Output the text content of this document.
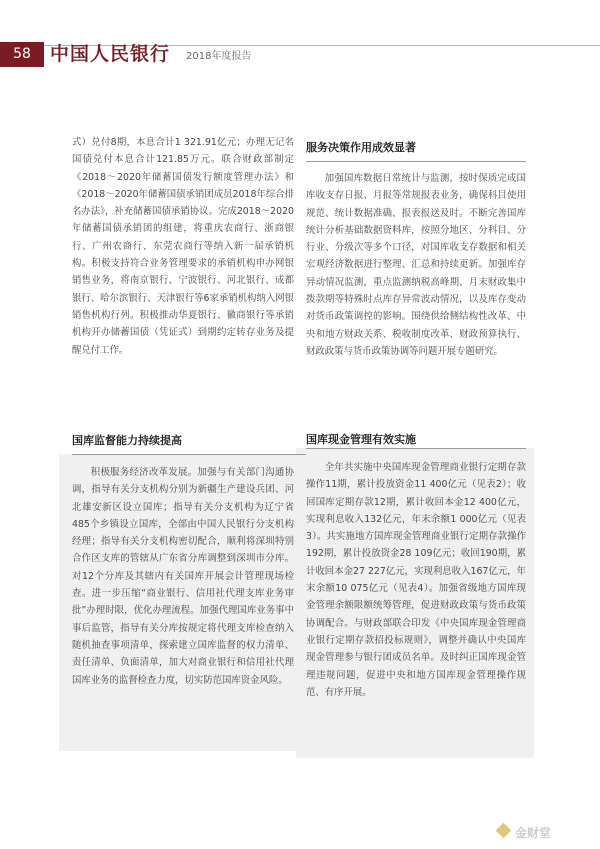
58	中国人民银行 2018年度报告

式）兑付8期，本息合计1 321.91亿元；办理无记名国债兑付本息合计121.85万元。联合财政部制定《2018～2020年储蓄国债发行额度管理办法》和《2018～2020年储蓄国债承销团成员2018年综合排名办法》，补充储蓄国债承销协议。完成2018～2020年储蓄国债承销团的组建，将重庆农商行、浙商银行、广州农商行、东莞农商行等纳入新一届承销机构。积极支持符合业务管理要求的承销机构申办网银销售业务，将南京银行、宁波银行、河北银行、成都银行、哈尔滨银行、天津银行等6家承销机构纳入网银销售机构行列。积极推动华夏银行、徽商银行等承销机构开办储蓄国债（凭证式）到期约定转存业务及提醒兑付工作。

国库监督能力持续提高

积极服务经济改革发展。加强与有关部门沟通协调，指导有关分支机构分别为新疆生产建设兵团、河北雄安新区设立国库；指导有关分支机构为辽宁省485个乡镇设立国库，全部由中国人民银行分支机构经理；指导有关分支机构密切配合，顺利将深圳特别合作区支库的管辖从广东省分库调整到深圳市分库。对12个分库及其辖内有关国库开展会计管理现场检查。进一步压缩“商业银行、信用社代理支库业务审批”办理时限，优化办理流程。加强代理国库业务事中事后监管，指导有关分库按规定将代理支库检查纳入随机抽查事项清单，探索建立国库监督的权力清单、责任清单、负面清单，加大对商业银行和信用社代理国库业务的监督检查力度，切实防范国库资金风险。

服务决策作用成效显著

加强国库数据日常统计与监测，按时保质完成国库收支存日报、月报等常规报表业务，确保科目使用规范、统计数据准确、报表报送及时。不断完善国库统计分析基础数据资料库，按照分地区、分科目、分行业、分级次等多个口径，对国库收支存数据和相关宏观经济数据进行整理、汇总和持续更新。加强库存异动情况监测，重点监测纳税高峰期、月末财政集中拨款期等特殊时点库存异常波动情况，以及库存变动对货币政策调控的影响。围绕供给侧结构性改革、中央和地方财政关系、税收制度改革、财政预算执行、财政政策与货币政策协调等问题开展专题研究。

国库现金管理有效实施

全年共实施中央国库现金管理商业银行定期存款操作11期，累计投放资金11 400亿元（见表2）；收回国库定期存款12期，累计收回本金12 400亿元，实现利息收入132亿元，年末余额1 000亿元（见表3）。共实施地方国库现金管理商业银行定期存款操作192期，累计投放资金28 109亿元；收回190期，累计收回本金27 227亿元，实现利息收入167亿元，年末余额10 075亿元（见表4）。加强省级地方国库现金管理余额限额统筹管理，促进财政政策与货币政策协调配合。与财政部联合印发《中央国库现金管理商业银行定期存款招投标规则》，调整并确认中央国库现金管理参与银行团成员名单。及时纠正国库现金管理违规问题，促进中央和地方国库现金管理操作规范、有序开展。

金财堂
